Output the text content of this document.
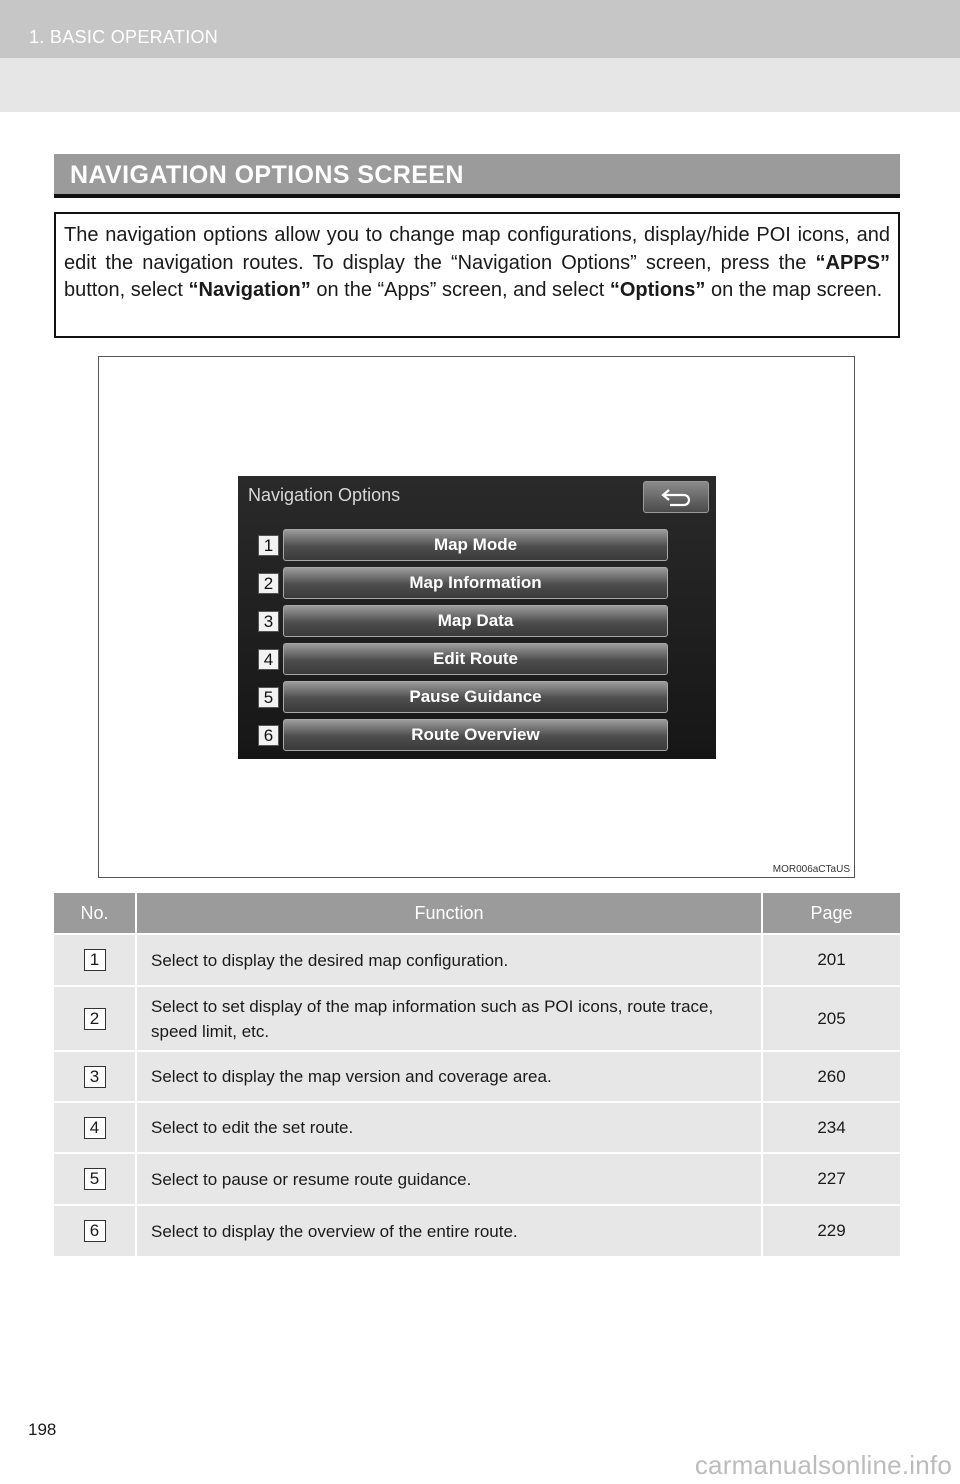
1. BASIC OPERATION
NAVIGATION OPTIONS SCREEN
The navigation options allow you to change map configurations, display/hide POI icons, and edit the navigation routes. To display the “Navigation Options” screen, press the “APPS” button, select “Navigation” on the “Apps” screen, and select “Options” on the map screen.
Navigation Options
1	Map Mode
2	Map Information
3	Map Data
4	Edit Route
5	Pause Guidance
6	Route Overview
MOR006aCTaUS
No.	Function	Page
1	Select to display the desired map configuration.	201
2	Select to set display of the map information such as POI icons, route trace, speed limit, etc.	205
3	Select to display the map version and coverage area.	260
4	Select to edit the set route.	234
5	Select to pause or resume route guidance.	227
6	Select to display the overview of the entire route.	229
198
carmanualsonline.info
